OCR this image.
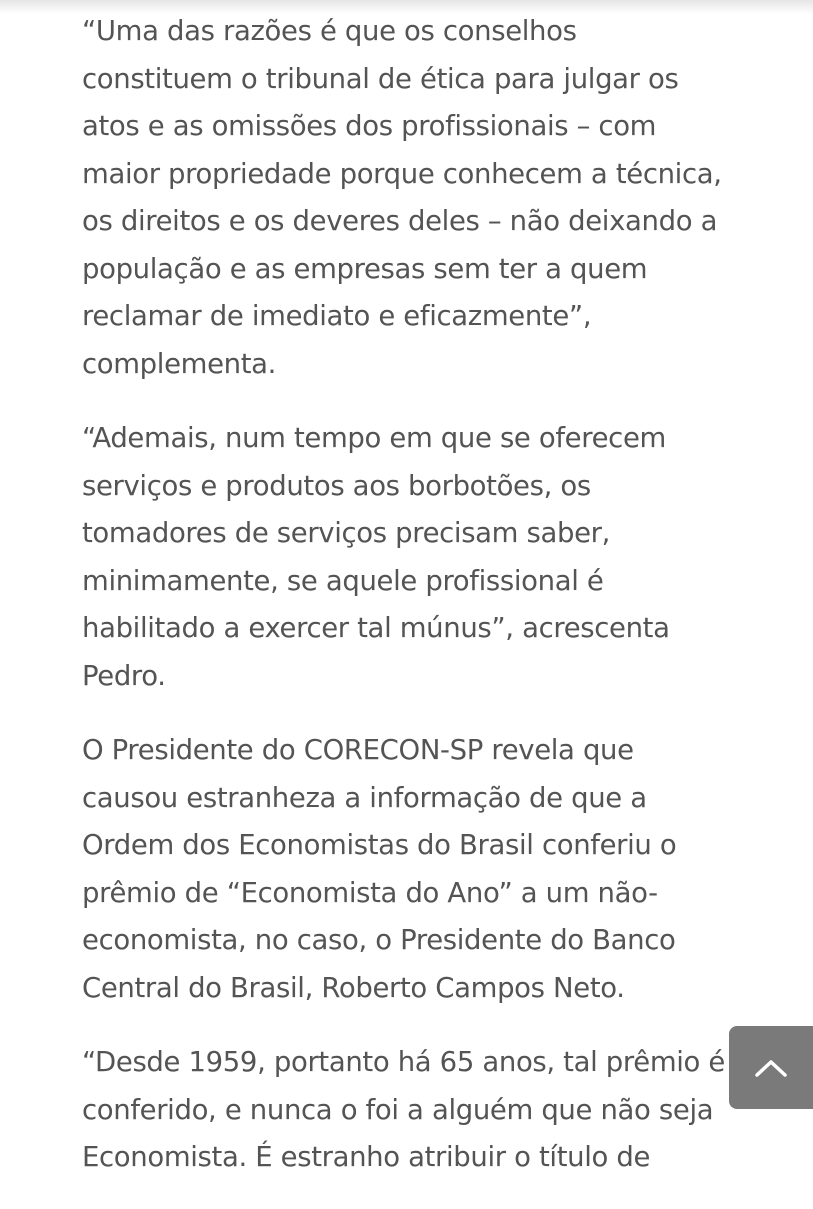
“Uma das razões é que os conselhos
constituem o tribunal de ética para julgar os
atos e as omissões dos profissionais – com
maior propriedade porque conhecem a técnica,
os direitos e os deveres deles – não deixando a
população e as empresas sem ter a quem
reclamar de imediato e eficazmente”,
complementa.

“Ademais, num tempo em que se oferecem
serviços e produtos aos borbotões, os
tomadores de serviços precisam saber,
minimamente, se aquele profissional é
habilitado a exercer tal múnus”, acrescenta
Pedro.

O Presidente do CORECON-SP revela que
causou estranheza a informação de que a
Ordem dos Economistas do Brasil conferiu o
prêmio de “Economista do Ano” a um não-
economista, no caso, o Presidente do Banco
Central do Brasil, Roberto Campos Neto.

“Desde 1959, portanto há 65 anos, tal prêmio é
conferido, e nunca o foi a alguém que não seja
Economista. É estranho atribuir o título de
